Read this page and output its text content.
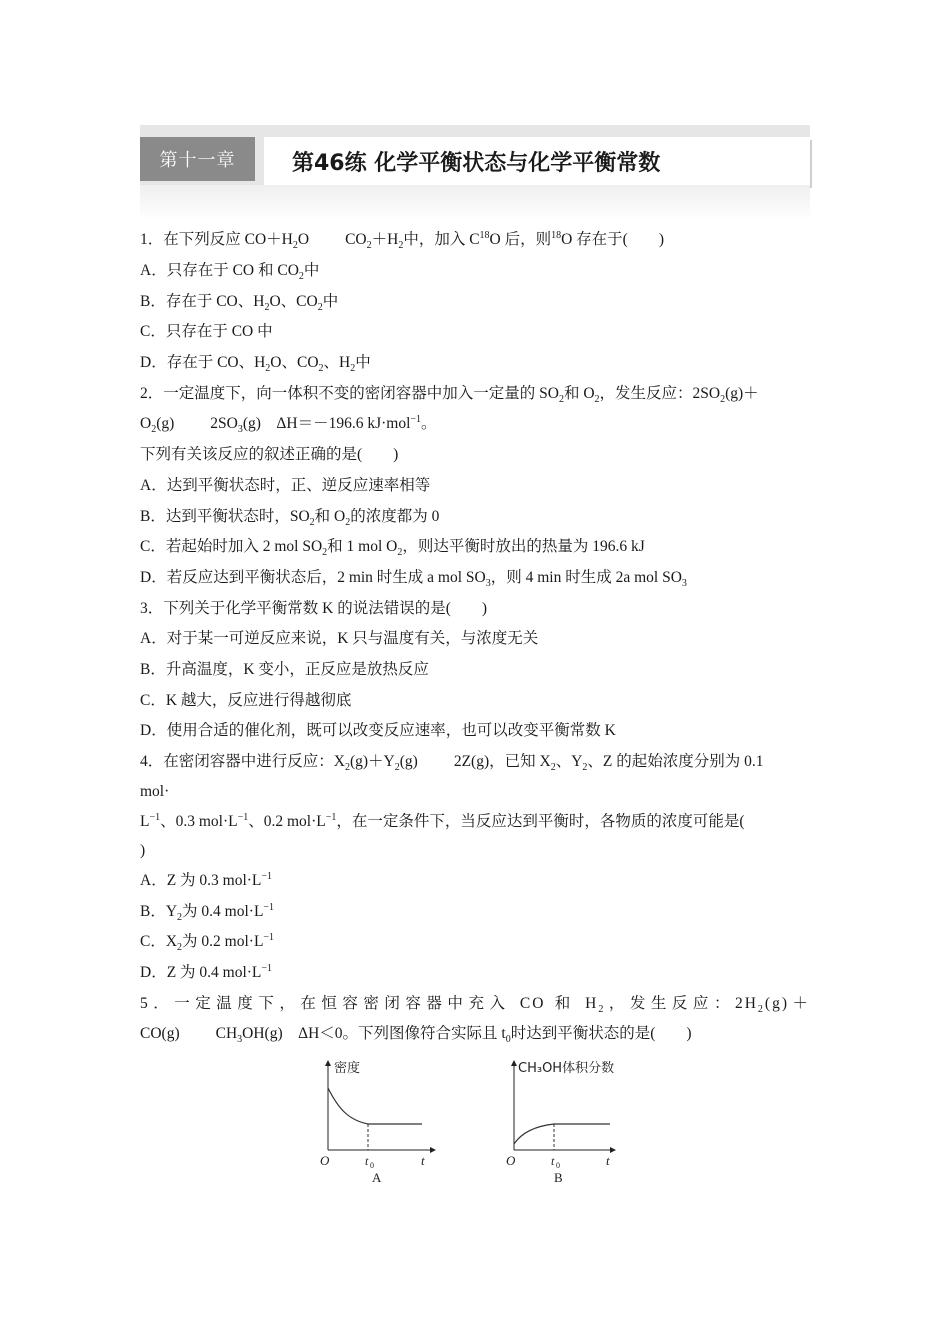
第十一章	第46练 化学平衡状态与化学平衡常数
1．在下列反应 $CO+H_2O$ $CO_2+H_2$中，加入 $C^{18}O$ 后，则$^{18}$O 存在于(　　)
A．只存在于 CO 和 $CO_2$中
B．存在于 CO、$H_2O$、$CO_2$中
C．只存在于 CO 中
D．存在于 CO、$H_2O$、$CO_2$、$H_2$中
2．一定温度下，向一体积不变的密闭容器中加入一定量的 $SO_2$和 $O_2$，发生反应：$2SO_2(g)+$
$O_2(g)$ $2SO_3(g)$　ΔH＝－196.6 kJ·mol$^{-1}$。
下列有关该反应的叙述正确的是(　　)
A．达到平衡状态时，正、逆反应速率相等
B．达到平衡状态时，$SO_2$和 $O_2$的浓度都为 0
C．若起始时加入 2 mol $SO_2$和 1 mol $O_2$，则达平衡时放出的热量为 196.6 kJ
D．若反应达到平衡状态后，2 min 时生成 a mol $SO_3$，则 4 min 时生成 2a mol $SO_3$
3．下列关于化学平衡常数 K 的说法错误的是(　　)
A．对于某一可逆反应来说，K 只与温度有关，与浓度无关
B．升高温度，K 变小，正反应是放热反应
C．K 越大，反应进行得越彻底
D．使用合适的催化剂，既可以改变反应速率，也可以改变平衡常数 K
4．在密闭容器中进行反应：$X_2(g)+Y_2(g)$ 2Z(g)，已知 $X_2$、$Y_2$、Z 的起始浓度分别为 0.1
mol·
$L^{-1}$、0.3 $mol\cdot L^{-1}$、0.2 $mol\cdot L^{-1}$，在一定条件下，当反应达到平衡时，各物质的浓度可能是(
)
A．Z 为 0.3 $mol\cdot L^{-1}$
B．$Y_2$为 0.4 $mol\cdot L^{-1}$
C．$X_2$为 0.2 $mol\cdot L^{-1}$
D．Z 为 0.4 $mol\cdot L^{-1}$
5．一定温度下，在恒容密闭容器中充入 CO 和 $H_2$，发生反应：$2H_2(g)+$
CO(g) $CH_3OH(g)$　ΔH＜0。下列图像符合实际且 $t_0$时达到平衡状态的是(　　)
密度
O	t 0	t
A
CH₃OH体积分数
O	t 0	t
B
